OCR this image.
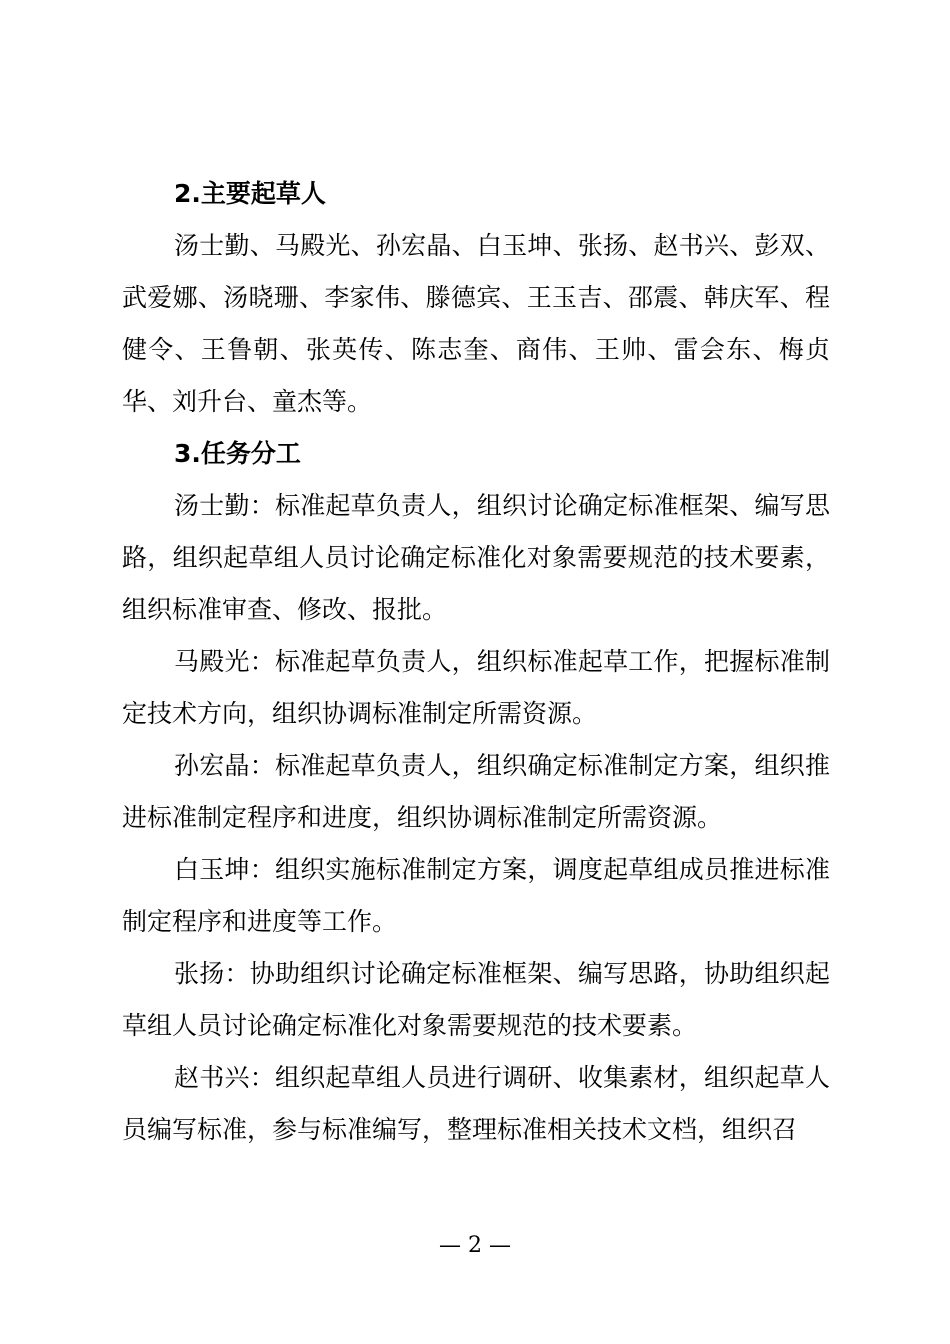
2.主要起草人

汤士勤、马殿光、孙宏晶、白玉坤、张扬、赵书兴、彭双、武爱娜、汤晓珊、李家伟、滕德宾、王玉吉、邵震、韩庆军、程健令、王鲁朝、张英传、陈志奎、商伟、王帅、雷会东、梅贞华、刘升台、童杰等。

3.任务分工

汤士勤：标准起草负责人，组织讨论确定标准框架、编写思路，组织起草组人员讨论确定标准化对象需要规范的技术要素，组织标准审查、修改、报批。

马殿光：标准起草负责人，组织标准起草工作，把握标准制定技术方向，组织协调标准制定所需资源。

孙宏晶：标准起草负责人，组织确定标准制定方案，组织推进标准制定程序和进度，组织协调标准制定所需资源。

白玉坤：组织实施标准制定方案，调度起草组成员推进标准制定程序和进度等工作。

张扬：协助组织讨论确定标准框架、编写思路，协助组织起草组人员讨论确定标准化对象需要规范的技术要素。

赵书兴：组织起草组人员进行调研、收集素材，组织起草人员编写标准，参与标准编写，整理标准相关技术文档，组织召

— 2 —
